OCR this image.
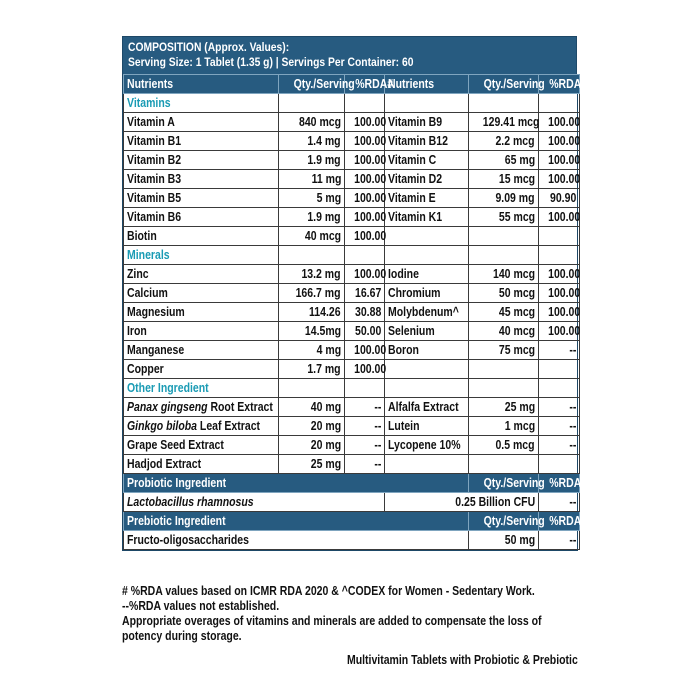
COMPOSITION (Approx. Values):
Serving Size: 1 Tablet (1.35 g) | Servings Per Container: 60
Nutrients	Qty./Serving	%RDA#	Nutrients	Qty./Serving	%RDA#
Vitamins					
Vitamin A	840 mcg	100.00	Vitamin B9	129.41 mcg	100.00
Vitamin B1	1.4 mg	100.00	Vitamin B12	2.2 mcg	100.00
Vitamin B2	1.9 mg	100.00	Vitamin C	65 mg	100.00
Vitamin B3	11 mg	100.00	Vitamin D2	15 mcg	100.00
Vitamin B5	5 mg	100.00	Vitamin E	9.09 mg	90.90
Vitamin B6	1.9 mg	100.00	Vitamin K1	55 mcg	100.00
Biotin	40 mcg	100.00			
Minerals					
Zinc	13.2 mg	100.00	Iodine	140 mcg	100.00
Calcium	166.7 mg	16.67	Chromium	50 mcg	100.00
Magnesium	114.26	30.88	Molybdenum^	45 mcg	100.00
Iron	14.5mg	50.00	Selenium	40 mcg	100.00
Manganese	4 mg	100.00	Boron	75 mcg	--
Copper	1.7 mg	100.00			
Other Ingredient					
Panax gingseng Root Extract	40 mg	--	Alfalfa Extract	25 mg	--
Ginkgo biloba Leaf Extract	20 mg	--	Lutein	1 mcg	--
Grape Seed Extract	20 mg	--	Lycopene 10%	0.5 mcg	--
Hadjod Extract	25 mg	--			
Probiotic Ingredient				Qty./Serving	%RDA#
Lactobacillus rhamnosus			0.25 Billion CFU		--
Prebiotic Ingredient				Qty./Serving	%RDA#
Fructo-oligosaccharides				50 mg	--
# %RDA values based on ICMR RDA 2020 & ^CODEX for Women - Sedentary Work.
--%RDA values not established.
Appropriate overages of vitamins and minerals are added to compensate the loss of
potency during storage.
Multivitamin Tablets with Probiotic & Prebiotic
